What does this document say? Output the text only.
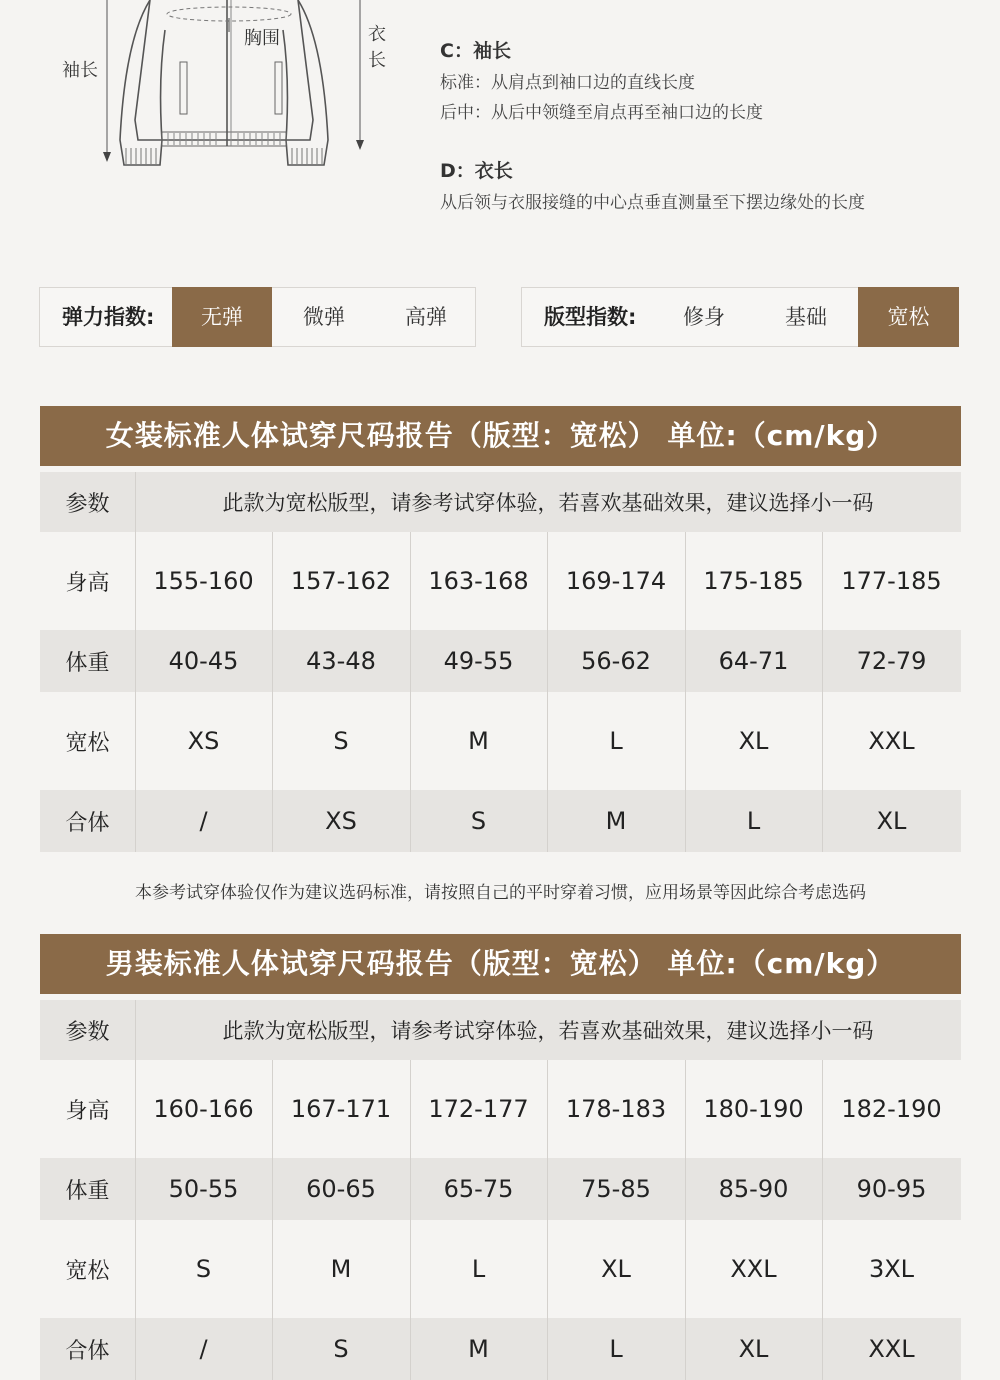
胸围
袖长
衣长	C：袖长
标准：从肩点到袖口边的直线长度
后中：从后中领缝至肩点再至袖口边的长度
D：衣长
从后领与衣服接缝的中心点垂直测量至下摆边缘处的长度
弹力指数:	无弹	微弹	高弹	版型指数:	修身	基础	宽松
女装标准人体试穿尺码报告（版型：宽松） 单位:（cm/kg）
参数	此款为宽松版型，请参考试穿体验，若喜欢基础效果，建议选择小一码
身高	155-160	157-162	163-168	169-174	175-185	177-185
体重	40-45	43-48	49-55	56-62	64-71	72-79
宽松	XS	S	M	L	XL	XXL
合体	/	XS	S	M	L	XL
本参考试穿体验仅作为建议选码标准，请按照自己的平时穿着习惯，应用场景等因此综合考虑选码
男装标准人体试穿尺码报告（版型：宽松） 单位:（cm/kg）
参数	此款为宽松版型，请参考试穿体验，若喜欢基础效果，建议选择小一码
身高	160-166	167-171	172-177	178-183	180-190	182-190
体重	50-55	60-65	65-75	75-85	85-90	90-95
宽松	S	M	L	XL	XXL	3XL
合体	/	S	M	L	XL	XXL
